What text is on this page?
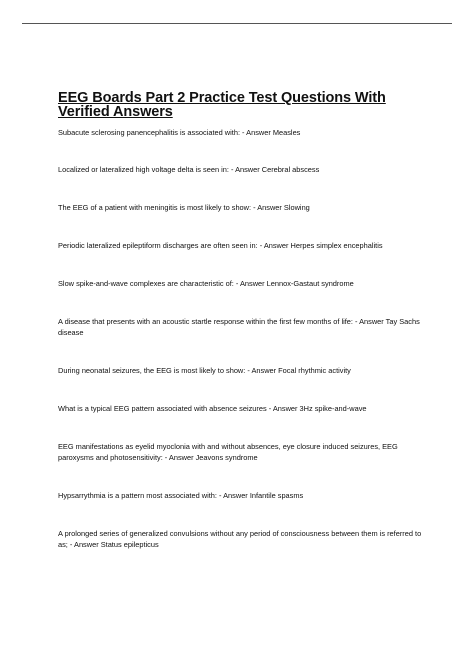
EEG Boards Part 2 Practice Test Questions With Verified Answers

Subacute sclerosing panencephalitis is associated with: - Answer Measles

Localized or lateralized high voltage delta is seen in: - Answer Cerebral abscess

The EEG of a patient with meningitis is most likely to show: - Answer Slowing

Periodic lateralized epileptiform discharges are often seen in: - Answer Herpes simplex encephalitis

Slow spike-and-wave complexes are characteristic of: - Answer Lennox-Gastaut syndrome

A disease that presents with an acoustic startle response within the first few months of life: - Answer Tay Sachs disease

During neonatal seizures, the EEG is most likely to show: - Answer Focal rhythmic activity

What is a typical EEG pattern associated with absence seizures - Answer 3Hz spike-and-wave

EEG manifestations as eyelid myoclonia with and without absences, eye closure induced seizures, EEG paroxysms and photosensitivity: - Answer Jeavons syndrome

Hypsarrythmia is a pattern most associated with: - Answer Infantile spasms

A prolonged series of generalized convulsions without any period of consciousness between them is referred to as; - Answer Status epilepticus
